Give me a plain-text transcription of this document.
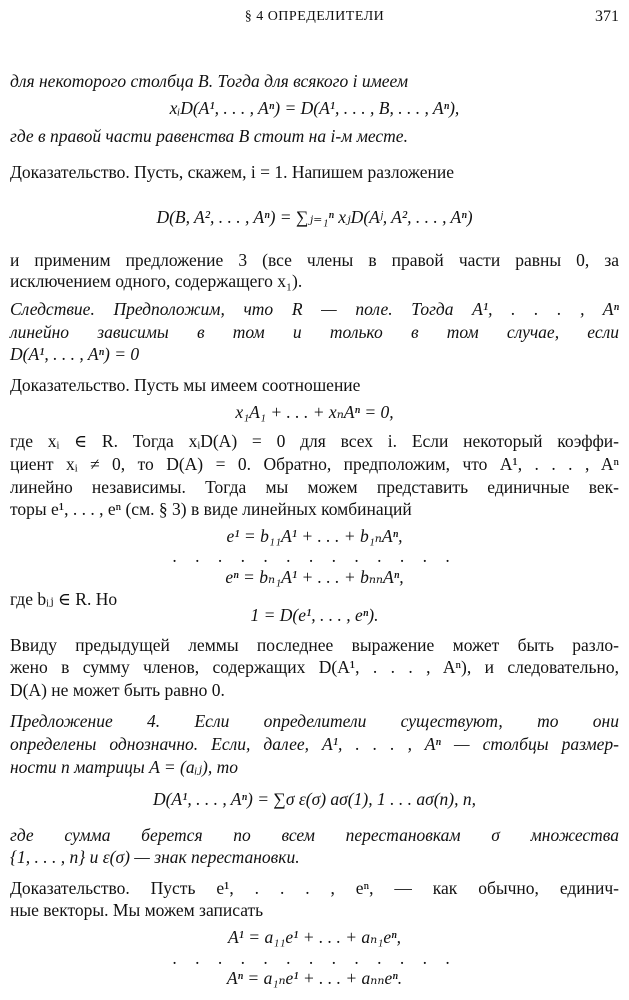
§ 4 ОПРЕДЕЛИТЕЛИ	371
для некоторого столбца B. Тогда для всякого i имеем
xᵢD(A¹, . . . , Aⁿ) = D(A¹, . . . , B, . . . , Aⁿ),
где в правой части равенства B стоит на i-м месте.
Доказательство. Пусть, скажем, i = 1. Напишем разложение
D(B, A², . . . , Aⁿ) = ∑ⱼ₌₁ⁿ xⱼD(Aʲ, A², . . . , Aⁿ)
и применим предложение 3 (все члены в правой части равны 0, за
исключением одного, содержащего x₁).
Следствие. Предположим, что R — поле. Тогда A¹, . . . , Aⁿ
линейно зависимы в том и только в том случае, если
D(A¹, . . . , Aⁿ) = 0
Доказательство. Пусть мы имеем соотношение
x₁A₁ + . . . + xₙAⁿ = 0,
где xᵢ ∈ R. Тогда xᵢD(A) = 0 для всех i. Если некоторый коэффи-
циент xᵢ ≠ 0, то D(A) = 0. Обратно, предположим, что A¹, . . . , Aⁿ
линейно независимы. Тогда мы можем представить единичные век-
торы e¹, . . . , eⁿ (см. § 3) в виде линейных комбинаций
e¹ = b₁₁A¹ + . . . + b₁ₙAⁿ,
. . . . . . . . . . . . .
eⁿ = bₙ₁A¹ + . . . + bₙₙAⁿ,
где bᵢⱼ ∈ R. Но
1 = D(e¹, . . . , eⁿ).
Ввиду предыдущей леммы последнее выражение может быть разло-
жено в сумму членов, содержащих D(A¹, . . . , Aⁿ), и следовательно,
D(A) не может быть равно 0.
Предложение 4. Если определители существуют, то они
определены однозначно. Если, далее, A¹, . . . , Aⁿ — столбцы размер-
ности n матрицы A = (aᵢⱼ), то
D(A¹, . . . , Aⁿ) = ∑σ ε(σ) aσ(1), 1 . . . aσ(n), n,
где сумма берется по всем перестановкам σ множества
{1, . . . , n} и ε(σ) — знак перестановки.
Доказательство. Пусть e¹, . . . , eⁿ, — как обычно, единич-
ные векторы. Мы можем записать
A¹ = a₁₁e¹ + . . . + aₙ₁eⁿ,
. . . . . . . . . . . . .
Aⁿ = a₁ₙe¹ + . . . + aₙₙeⁿ.
